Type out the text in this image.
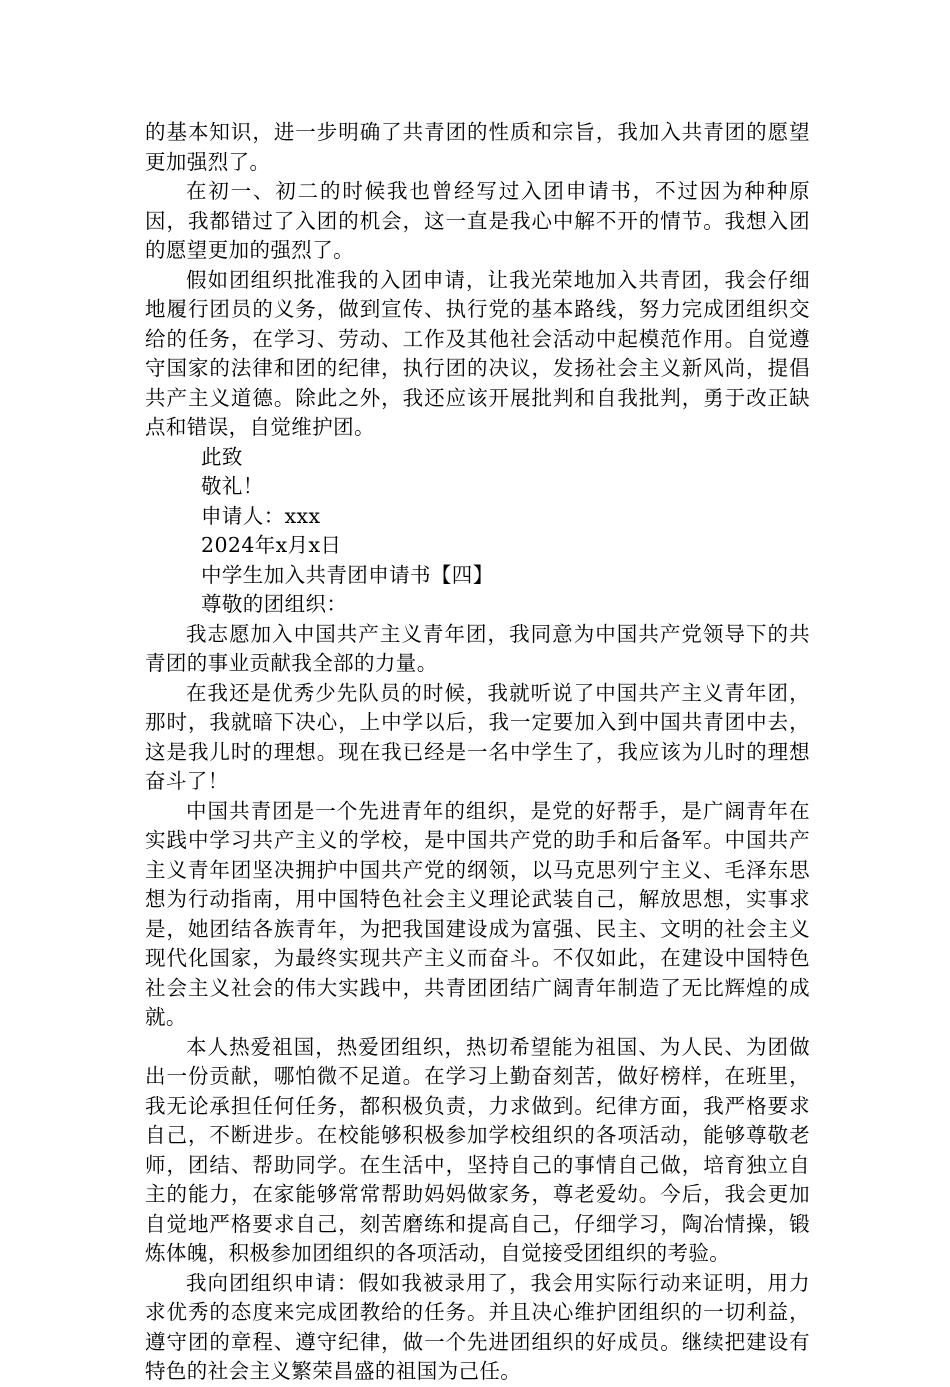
的基本知识，进一步明确了共青团的性质和宗旨，我加入共青团的愿望更加强烈了。

在初一、初二的时候我也曾经写过入团申请书，不过因为种种原因，我都错过了入团的机会，这一直是我心中解不开的情节。我想入团的愿望更加的强烈了。

假如团组织批准我的入团申请，让我光荣地加入共青团，我会仔细地履行团员的义务，做到宣传、执行党的基本路线，努力完成团组织交给的任务，在学习、劳动、工作及其他社会活动中起模范作用。自觉遵守国家的法律和团的纪律，执行团的决议，发扬社会主义新风尚，提倡共产主义道德。除此之外，我还应该开展批判和自我批判，勇于改正缺点和错误，自觉维护团。

此致

敬礼！

申请人：xxx

2024年x月x日

中学生加入共青团申请书【四】

尊敬的团组织：

我志愿加入中国共产主义青年团，我同意为中国共产党领导下的共青团的事业贡献我全部的力量。

在我还是优秀少先队员的时候，我就听说了中国共产主义青年团，那时，我就暗下决心，上中学以后，我一定要加入到中国共青团中去，这是我儿时的理想。现在我已经是一名中学生了，我应该为儿时的理想奋斗了！

中国共青团是一个先进青年的组织，是党的好帮手，是广阔青年在实践中学习共产主义的学校，是中国共产党的助手和后备军。中国共产主义青年团坚决拥护中国共产党的纲领，以马克思列宁主义、毛泽东思想为行动指南，用中国特色社会主义理论武装自己，解放思想，实事求是，她团结各族青年，为把我国建设成为富强、民主、文明的社会主义现代化国家，为最终实现共产主义而奋斗。不仅如此，在建设中国特色社会主义社会的伟大实践中，共青团团结广阔青年制造了无比辉煌的成就。

本人热爱祖国，热爱团组织，热切希望能为祖国、为人民、为团做出一份贡献，哪怕微不足道。在学习上勤奋刻苦，做好榜样，在班里，我无论承担任何任务，都积极负责，力求做到。纪律方面，我严格要求自己，不断进步。在校能够积极参加学校组织的各项活动，能够尊敬老师，团结、帮助同学。在生活中，坚持自己的事情自己做，培育独立自主的能力，在家能够常常帮助妈妈做家务，尊老爱幼。今后，我会更加自觉地严格要求自己，刻苦磨练和提高自己，仔细学习，陶冶情操，锻炼体魄，积极参加团组织的各项活动，自觉接受团组织的考验。

我向团组织申请：假如我被录用了，我会用实际行动来证明，用力求优秀的态度来完成团教给的任务。并且决心维护团组织的一切利益，遵守团的章程、遵守纪律，做一个先进团组织的好成员。继续把建设有特色的社会主义繁荣昌盛的祖国为己任。
